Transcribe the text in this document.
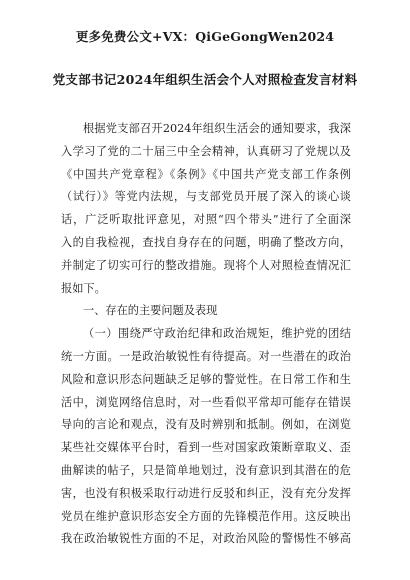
更多免费公文+VX：QiGeGongWen2024
党支部书记2024年组织生活会个人对照检查发言材料
根据党支部召开2024年组织生活会的通知要求，我深
入学习了党的二十届三中全会精神，认真研习了党规以及
《中国共产党章程》《条例》《中国共产党支部工作条例
（试行）》等党内法规，与支部党员开展了深入的谈心谈
话，广泛听取批评意见，对照“四个带头”进行了全面深
入的自我检视，查找自身存在的问题，明确了整改方向，
并制定了切实可行的整改措施。现将个人对照检查情况汇
报如下。
一、存在的主要问题及表现
（一）围绕严守政治纪律和政治规矩，维护党的团结
统一方面。一是政治敏锐性有待提高。对一些潜在的政治
风险和意识形态问题缺乏足够的警觉性。在日常工作和生
活中，浏览网络信息时，对一些看似平常却可能存在错误
导向的言论和观点，没有及时辨别和抵制。例如，在浏览
某些社交媒体平台时，看到一些对国家政策断章取义、歪
曲解读的帖子，只是简单地划过，没有意识到其潜在的危
害，也没有积极采取行动进行反驳和纠正，没有充分发挥
党员在维护意识形态安全方面的先锋模范作用。这反映出
我在政治敏锐性方面的不足，对政治风险的警惕性不够高
